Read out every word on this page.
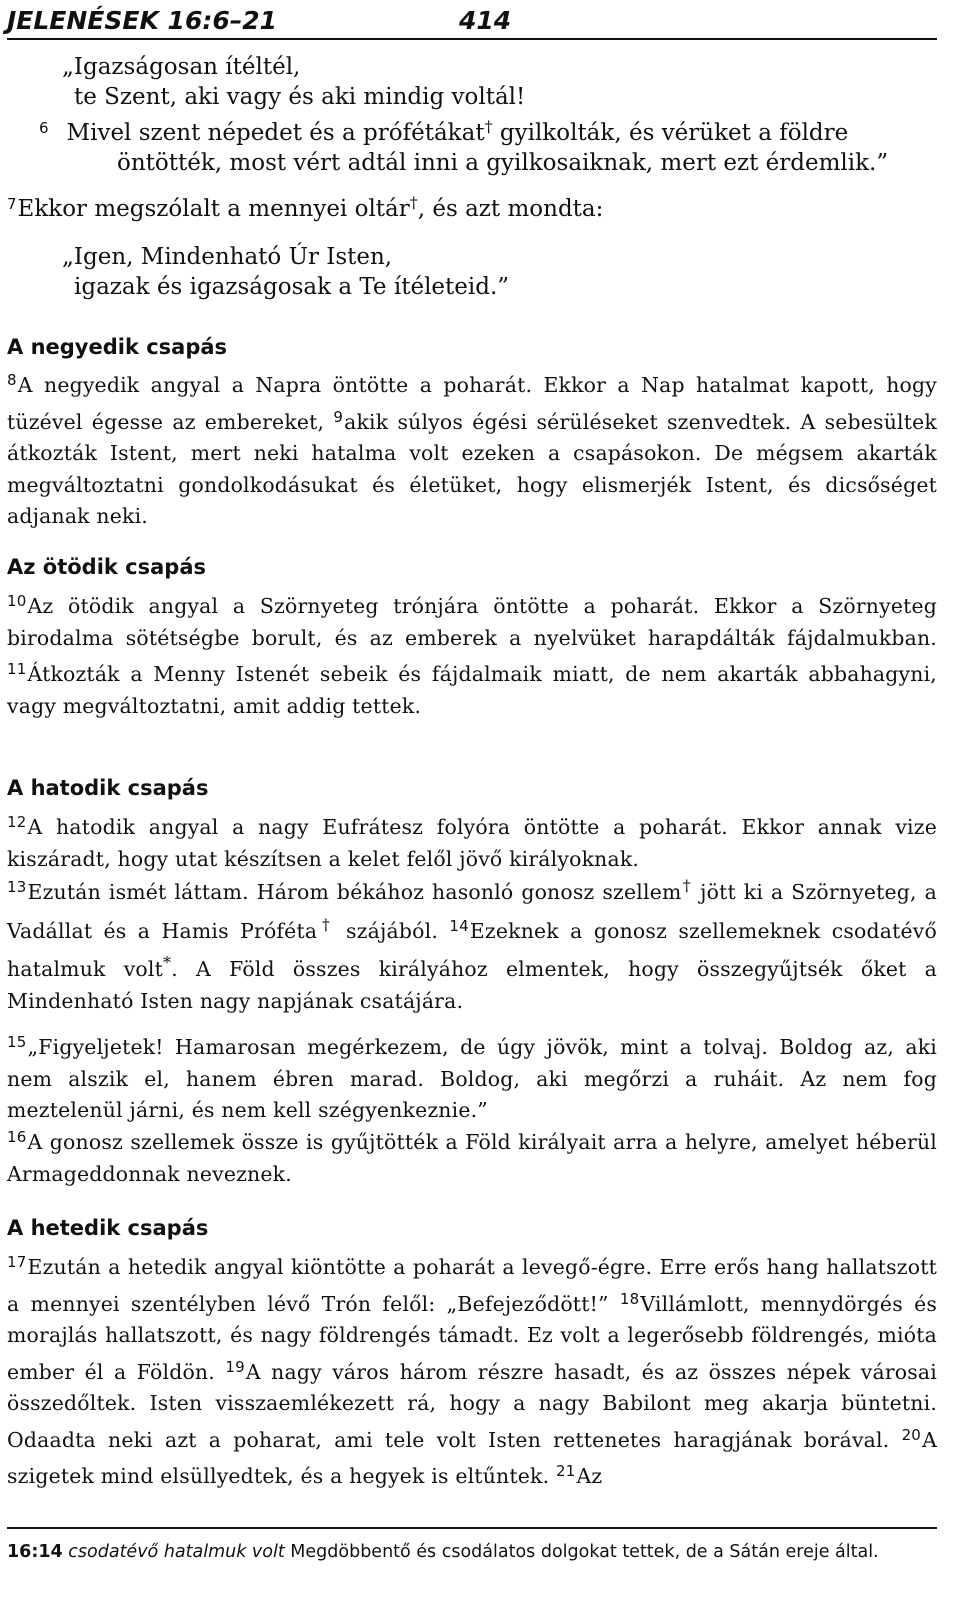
JELENÉSEK 16:6–21	414
„Igazságosan ítéltél,
te Szent, aki vagy és aki mindig voltál!
$^6$ Mivel szent népedet és a prófétákat† gyilkolták, és vérüket a földre
öntötték, most vért adtál inni a gyilkosaiknak, mert ezt érdemlik.”
$^7$Ekkor megszólalt a mennyei oltár†, és azt mondta:
„Igen, Mindenható Úr Isten,
igazak és igazságosak a Te ítéleteid.”
A negyedik csapás

$^8$A negyedik angyal a Napra öntötte a poharát. Ekkor a Nap hatalmat kapott, hogy tüzével égesse az embereket, $^9$akik súlyos égési sérüléseket szenvedtek. A sebesültek átkozták Istent, mert neki hatalma volt ezeken a csapásokon. De mégsem akarták megváltoztatni gondolkodásukat és életüket, hogy elismerjék Istent, és dicsőséget adjanak neki.

Az ötödik csapás

$^{10}$Az ötödik angyal a Szörnyeteg trónjára öntötte a poharát. Ekkor a Szörnyeteg birodalma sötétségbe borult, és az emberek a nyelvüket harapdálták fájdalmukban. $^{11}$Átkozták a Menny Istenét sebeik és fájdalmaik miatt, de nem akarták abbahagyni, vagy megváltoztatni, amit addig tettek.

A hatodik csapás

$^{12}$A hatodik angyal a nagy Eufrátesz folyóra öntötte a poharát. Ekkor annak vize kiszáradt, hogy utat készítsen a kelet felől jövő királyoknak.

$^{13}$Ezután ismét láttam. Három békához hasonló gonosz szellem† jött ki a Szörnyeteg, a Vadállat és a Hamis Próféta† szájából. $^{14}$Ezeknek a gonosz szellemeknek csodatévő hatalmuk volt*. A Föld összes királyához elmentek, hogy összegyűjtsék őket a Mindenható Isten nagy napjának csatájára.

$^{15}$„Figyeljetek! Hamarosan megérkezem, de úgy jövök, mint a tolvaj. Boldog az, aki nem alszik el, hanem ébren marad. Boldog, aki megőrzi a ruháit. Az nem fog meztelenül járni, és nem kell szégyenkeznie.”

$^{16}$A gonosz szellemek össze is gyűjtötték a Föld királyait arra a helyre, amelyet héberül Armageddonnak neveznek.

A hetedik csapás

$^{17}$Ezután a hetedik angyal kiöntötte a poharát a levegő-égre. Erre erős hang hallatszott a mennyei szentélyben lévő Trón felől: „Befejeződött!” $^{18}$Villámlott, mennydörgés és morajlás hallatszott, és nagy földrengés támadt. Ez volt a legerősebb földrengés, mióta ember él a Földön. $^{19}$A nagy város három részre hasadt, és az összes népek városai összedőltek. Isten visszaemlékezett rá, hogy a nagy Babilont meg akarja büntetni. Odaadta neki azt a poharat, ami tele volt Isten rettenetes haragjának borával. $^{20}$A szigetek mind elsüllyedtek, és a hegyek is eltűntek. $^{21}$Az

16:14 csodatévő hatalmuk volt Megdöbbentő és csodálatos dolgokat tettek, de a Sátán ereje által.
